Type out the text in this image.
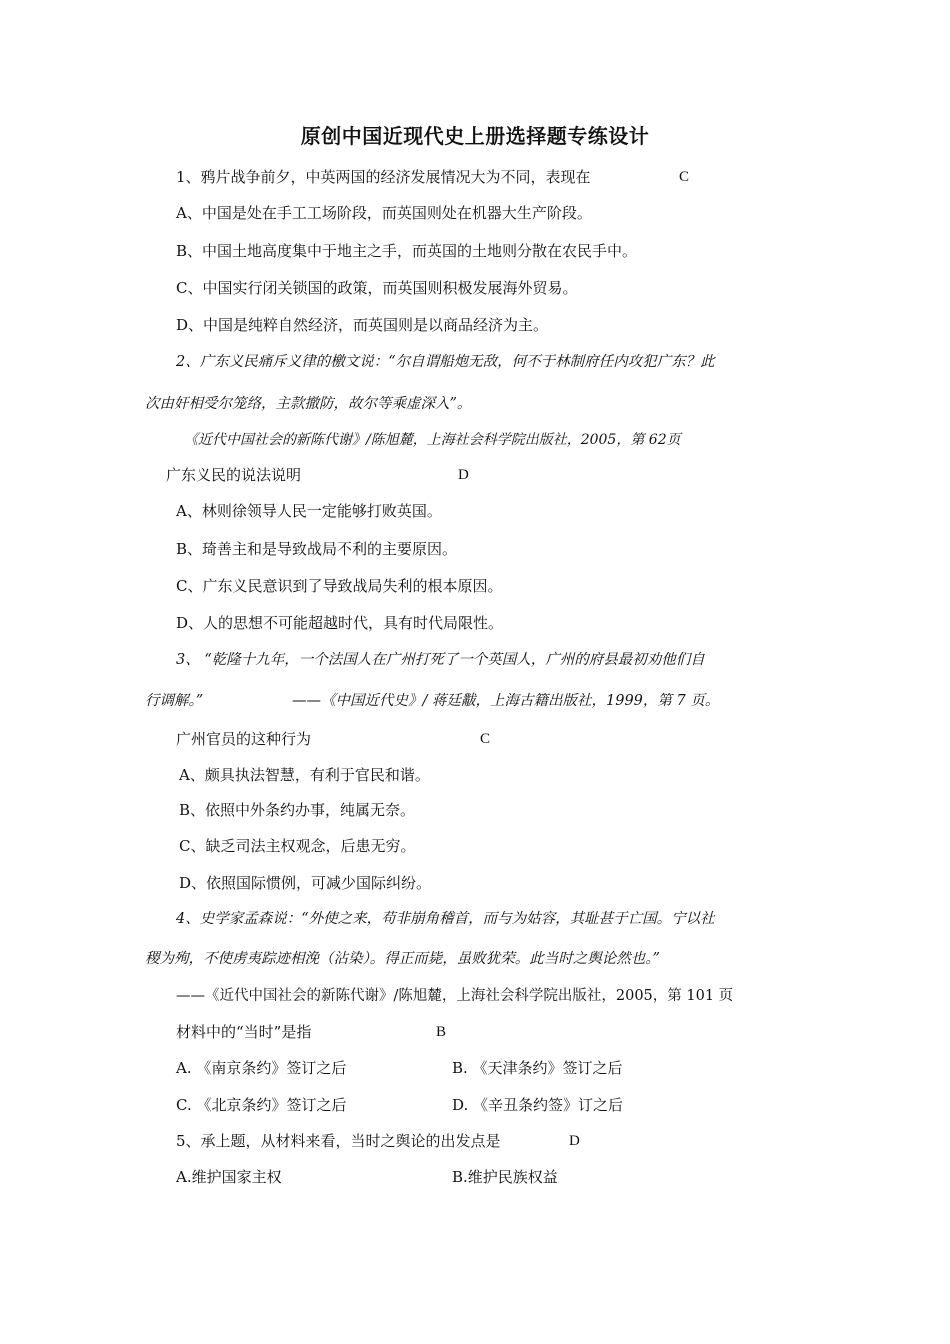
原创中国近现代史上册选择题专练设计
1、鸦片战争前夕，中英两国的经济发展情况大为不同，表现在	C
A、中国是处在手工工场阶段，而英国则处在机器大生产阶段。
B、中国土地高度集中于地主之手，而英国的土地则分散在农民手中。
C、中国实行闭关锁国的政策，而英国则积极发展海外贸易。
D、中国是纯粹自然经济，而英国则是以商品经济为主。
2、广东义民痛斥义律的檄文说：“尔自谓船炮无敌，何不于林制府任内攻犯广东？此
次由奸相受尔笼络，主款撤防，故尔等乘虚深入”。
《近代中国社会的新陈代谢》/陈旭麓，上海社会科学院出版社，2005，第 62页
广东义民的说法说明	D
A、林则徐领导人民一定能够打败英国。
B、琦善主和是导致战局不利的主要原因。
C、广东义民意识到了导致战局失利的根本原因。
D、人的思想不可能超越时代，具有时代局限性。
3、 “乾隆十九年，一个法国人在广州打死了一个英国人，广州的府县最初劝他们自
行调解。”	——《中国近代史》/ 蒋廷黻，上海古籍出版社，1999，第 7 页。
广州官员的这种行为	C
A、颇具执法智慧，有利于官民和谐。
B、依照中外条约办事，纯属无奈。
C、缺乏司法主权观念，后患无穷。
D、依照国际惯例，可减少国际纠纷。
4、史学家孟森说：“外使之来，苟非崩角稽首，而与为姑容，其耻甚于亡国。宁以社
稷为殉，不使虏夷踪迹相浼（沾染）。得正而毙，虽败犹荣。此当时之舆论然也。”
——《近代中国社会的新陈代谢》/陈旭麓，上海社会科学院出版社，2005，第 101 页
材料中的“当时”是指	B
A. 《南京条约》签订之后	B. 《天津条约》签订之后
C. 《北京条约》签订之后	D. 《辛丑条约签》订之后
5、承上题，从材料来看，当时之舆论的出发点是	D
A.维护国家主权	B.维护民族权益
